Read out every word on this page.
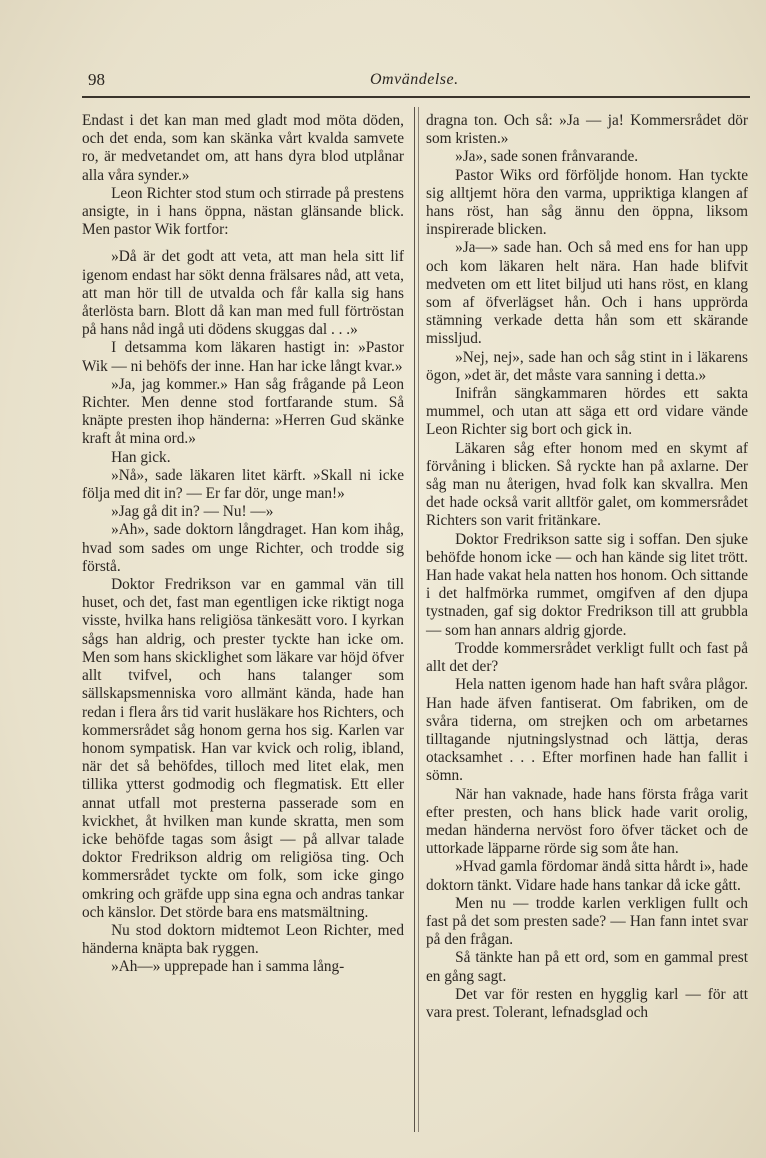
98	Omvändelse.

Endast i det kan man med gladt mod möta döden, och det enda, som kan skänka vårt kvalda samvete ro, är medvetandet om, att hans dyra blod utplånar alla våra synder.»

Leon Richter stod stum och stirrade på prestens ansigte, in i hans öppna, nästan glänsande blick. Men pastor Wik fortfor:

»Då är det godt att veta, att man hela sitt lif igenom endast har sökt denna frälsares nåd, att veta, att man hör till de utvalda och får kalla sig hans återlösta barn. Blott då kan man med full förtröstan på hans nåd ingå uti dödens skuggas dal . . .»

I detsamma kom läkaren hastigt in: »Pastor Wik — ni behöfs der inne. Han har icke långt kvar.»

»Ja, jag kommer.» Han såg frågande på Leon Richter. Men denne stod fortfarande stum. Så knäpte presten ihop händerna: »Herren Gud skänke kraft åt mina ord.»

Han gick.

»Nå», sade läkaren litet kärft. »Skall ni icke följa med dit in? — Er far dör, unge man!»

»Jag gå dit in? — Nu! —»

»Ah», sade doktorn långdraget. Han kom ihåg, hvad som sades om unge Richter, och trodde sig förstå.

Doktor Fredrikson var en gammal vän till huset, och det, fast man egentligen icke riktigt noga visste, hvilka hans religiösa tänkesätt voro. I kyrkan sågs han aldrig, och prester tyckte han icke om. Men som hans skicklighet som läkare var höjd öfver allt tvifvel, och hans talanger som sällskapsmenniska voro allmänt kända, hade han redan i flera års tid varit husläkare hos Richters, och kommersrådet såg honom gerna hos sig. Karlen var honom sympatisk. Han var kvick och rolig, ibland, när det så behöfdes, tilloch med litet elak, men tillika ytterst godmodig och flegmatisk. Ett eller annat utfall mot presterna passerade som en kvickhet, åt hvilken man kunde skratta, men som icke behöfde tagas som åsigt — på allvar talade doktor Fredrikson aldrig om religiösa ting. Och kommersrådet tyckte om folk, som icke gingo omkring och gräfde upp sina egna och andras tankar och känslor. Det störde bara ens matsmältning.

Nu stod doktorn midtemot Leon Richter, med händerna knäpta bak ryggen.

»Ah—» upprepade han i samma lång-

dragna ton. Och så: »Ja — ja! Kommersrådet dör som kristen.»

»Ja», sade sonen frånvarande.

Pastor Wiks ord förföljde honom. Han tyckte sig alltjemt höra den varma, uppriktiga klangen af hans röst, han såg ännu den öppna, liksom inspirerade blicken.

»Ja—» sade han. Och så med ens for han upp och kom läkaren helt nära. Han hade blifvit medveten om ett litet biljud uti hans röst, en klang som af öfverlägset hån. Och i hans upprörda stämning verkade detta hån som ett skärande missljud.

»Nej, nej», sade han och såg stint in i läkarens ögon, »det är, det måste vara sanning i detta.»

Inifrån sängkammaren hördes ett sakta mummel, och utan att säga ett ord vidare vände Leon Richter sig bort och gick in.

Läkaren såg efter honom med en skymt af förvåning i blicken. Så ryckte han på axlarne. Der såg man nu återigen, hvad folk kan skvallra. Men det hade också varit alltför galet, om kommersrådet Richters son varit fritänkare.

Doktor Fredrikson satte sig i soffan. Den sjuke behöfde honom icke — och han kände sig litet trött. Han hade vakat hela natten hos honom. Och sittande i det halfmörka rummet, omgifven af den djupa tystnaden, gaf sig doktor Fredrikson till att grubbla — som han annars aldrig gjorde.

Trodde kommersrådet verkligt fullt och fast på allt det der?

Hela natten igenom hade han haft svåra plågor. Han hade äfven fantiserat. Om fabriken, om de svåra tiderna, om strejken och om arbetarnes tilltagande njutningslystnad och lättja, deras otacksamhet . . . Efter morfinen hade han fallit i sömn.

När han vaknade, hade hans första fråga varit efter presten, och hans blick hade varit orolig, medan händerna nervöst foro öfver täcket och de uttorkade läpparne rörde sig som åte han.

»Hvad gamla fördomar ändå sitta hårdt i», hade doktorn tänkt. Vidare hade hans tankar då icke gått.

Men nu — trodde karlen verkligen fullt och fast på det som presten sade? — Han fann intet svar på den frågan.

Så tänkte han på ett ord, som en gammal prest en gång sagt.

Det var för resten en hygglig karl — för att vara prest. Tolerant, lefnadsglad och
